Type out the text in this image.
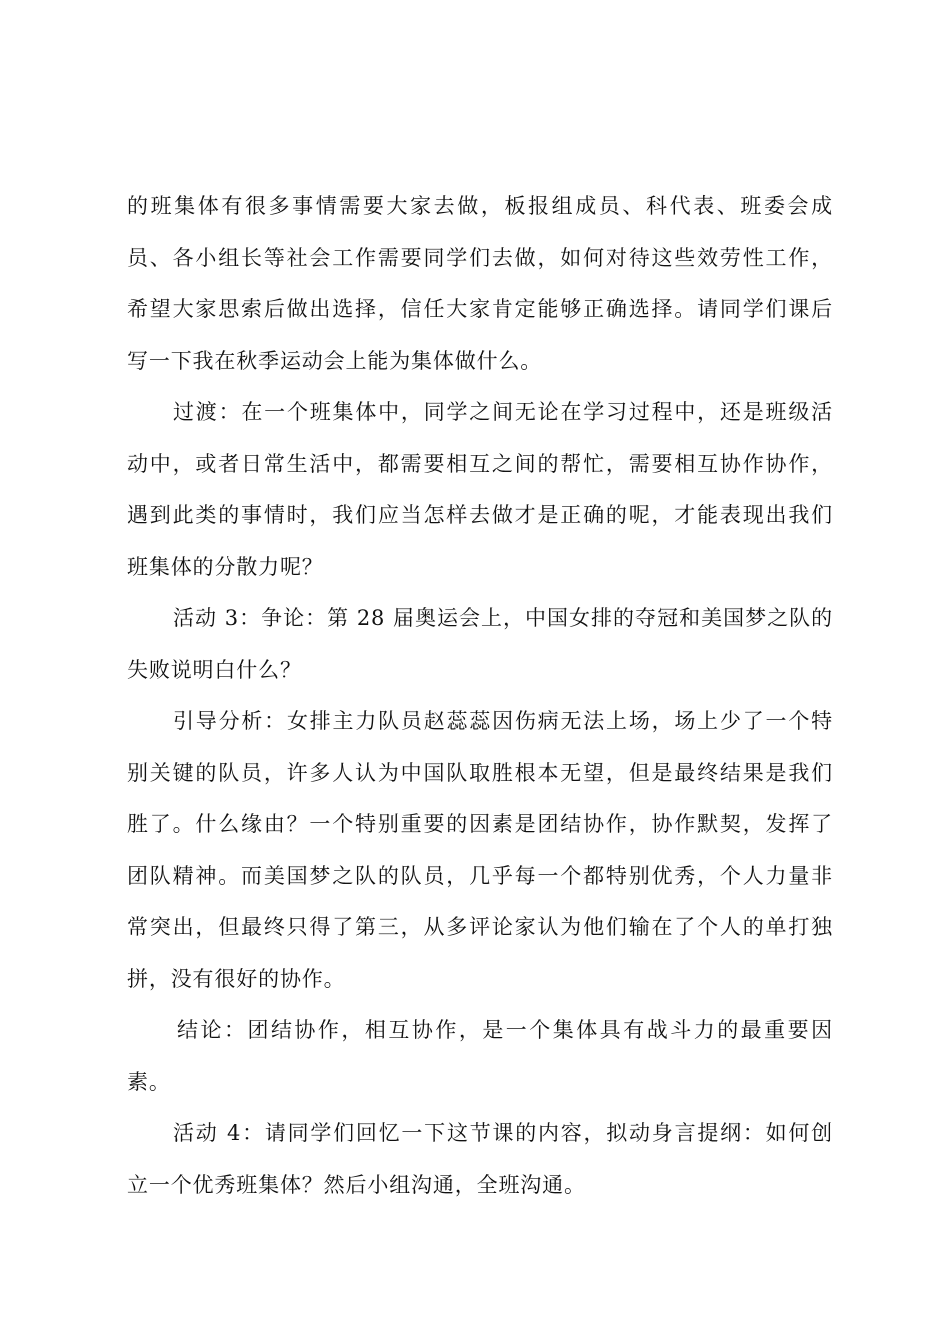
的班集体有很多事情需要大家去做，板报组成员、科代表、班委会成
员、各小组长等社会工作需要同学们去做，如何对待这些效劳性工作，
希望大家思索后做出选择，信任大家肯定能够正确选择。请同学们课后
写一下我在秋季运动会上能为集体做什么。
过渡：在一个班集体中，同学之间无论在学习过程中，还是班级活
动中，或者日常生活中，都需要相互之间的帮忙，需要相互协作协作，
遇到此类的事情时，我们应当怎样去做才是正确的呢，才能表现出我们
班集体的分散力呢？
活动 3：争论：第 28 届奥运会上，中国女排的夺冠和美国梦之队的
失败说明白什么？
引导分析：女排主力队员赵蕊蕊因伤病无法上场，场上少了一个特
别关键的队员，许多人认为中国队取胜根本无望，但是最终结果是我们
胜了。什么缘由？一个特别重要的因素是团结协作，协作默契，发挥了
团队精神。而美国梦之队的队员，几乎每一个都特别优秀，个人力量非
常突出，但最终只得了第三，从多评论家认为他们输在了个人的单打独
拼，没有很好的协作。
结论：团结协作，相互协作，是一个集体具有战斗力的最重要因
素。
活动 4：请同学们回忆一下这节课的内容，拟动身言提纲：如何创
立一个优秀班集体？然后小组沟通，全班沟通。
